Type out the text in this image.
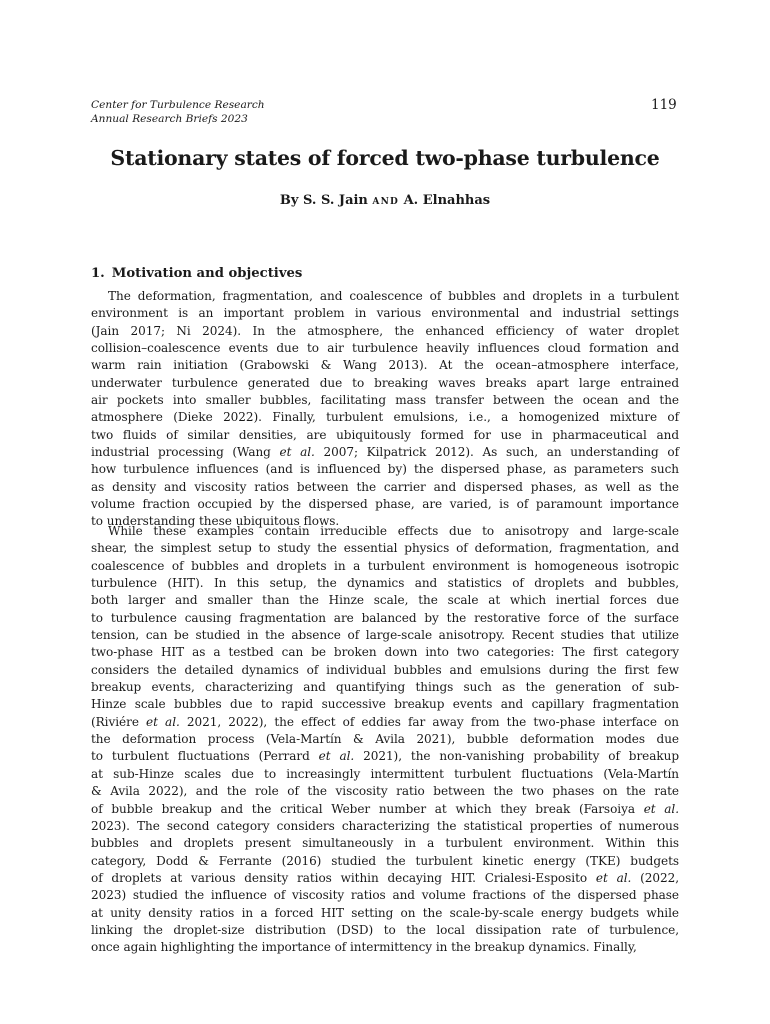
Center for Turbulence Research
Annual Research Briefs 2023
119
Stationary states of forced two-phase turbulence
By S. S. Jain AND A. Elnahhas
1. Motivation and objectives
The deformation, fragmentation, and coalescence of bubbles and droplets in a turbulent
environment is an important problem in various environmental and industrial settings
(Jain 2017; Ni 2024). In the atmosphere, the enhanced efficiency of water droplet
collision–coalescence events due to air turbulence heavily influences cloud formation and
warm rain initiation (Grabowski & Wang 2013). At the ocean–atmosphere interface,
underwater turbulence generated due to breaking waves breaks apart large entrained
air pockets into smaller bubbles, facilitating mass transfer between the ocean and the
atmosphere (Dieke 2022). Finally, turbulent emulsions, i.e., a homogenized mixture of
two fluids of similar densities, are ubiquitously formed for use in pharmaceutical and
industrial processing (Wang et al. 2007; Kilpatrick 2012). As such, an understanding of
how turbulence influences (and is influenced by) the dispersed phase, as parameters such
as density and viscosity ratios between the carrier and dispersed phases, as well as the
volume fraction occupied by the dispersed phase, are varied, is of paramount importance
to understanding these ubiquitous flows.
While these examples contain irreducible effects due to anisotropy and large-scale
shear, the simplest setup to study the essential physics of deformation, fragmentation, and
coalescence of bubbles and droplets in a turbulent environment is homogeneous isotropic
turbulence (HIT). In this setup, the dynamics and statistics of droplets and bubbles,
both larger and smaller than the Hinze scale, the scale at which inertial forces due
to turbulence causing fragmentation are balanced by the restorative force of the surface
tension, can be studied in the absence of large-scale anisotropy. Recent studies that utilize
two-phase HIT as a testbed can be broken down into two categories: The first category
considers the detailed dynamics of individual bubbles and emulsions during the first few
breakup events, characterizing and quantifying things such as the generation of sub-
Hinze scale bubbles due to rapid successive breakup events and capillary fragmentation
(Riviére et al. 2021, 2022), the effect of eddies far away from the two-phase interface on
the deformation process (Vela-Martín & Avila 2021), bubble deformation modes due
to turbulent fluctuations (Perrard et al. 2021), the non-vanishing probability of breakup
at sub-Hinze scales due to increasingly intermittent turbulent fluctuations (Vela-Martín
& Avila 2022), and the role of the viscosity ratio between the two phases on the rate
of bubble breakup and the critical Weber number at which they break (Farsoiya et al.
2023). The second category considers characterizing the statistical properties of numerous
bubbles and droplets present simultaneously in a turbulent environment. Within this
category, Dodd & Ferrante (2016) studied the turbulent kinetic energy (TKE) budgets
of droplets at various density ratios within decaying HIT. Crialesi-Esposito et al. (2022,
2023) studied the influence of viscosity ratios and volume fractions of the dispersed phase
at unity density ratios in a forced HIT setting on the scale-by-scale energy budgets while
linking the droplet-size distribution (DSD) to the local dissipation rate of turbulence,
once again highlighting the importance of intermittency in the breakup dynamics. Finally,
